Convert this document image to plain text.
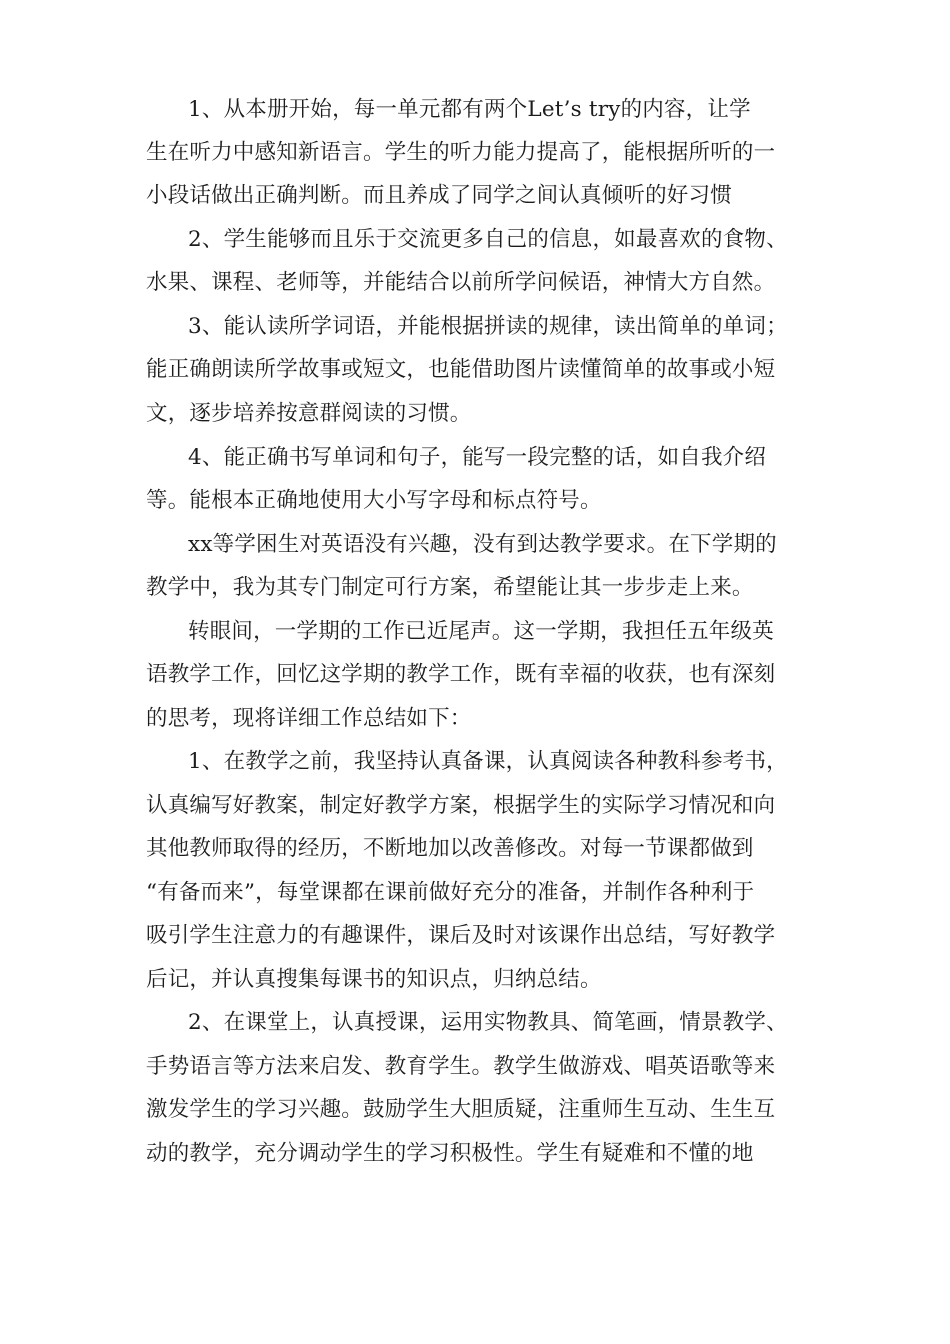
1、从本册开始，每一单元都有两个Let’s try的内容，让学
生在听力中感知新语言。学生的听力能力提高了，能根据所听的一
小段话做出正确判断。而且养成了同学之间认真倾听的好习惯
2、学生能够而且乐于交流更多自己的信息，如最喜欢的食物、
水果、课程、老师等，并能结合以前所学问候语，神情大方自然。
3、能认读所学词语，并能根据拼读的规律，读出简单的单词；
能正确朗读所学故事或短文，也能借助图片读懂简单的故事或小短
文，逐步培养按意群阅读的习惯。
4、能正确书写单词和句子，能写一段完整的话，如自我介绍
等。能根本正确地使用大小写字母和标点符号。
xx等学困生对英语没有兴趣，没有到达教学要求。在下学期的
教学中，我为其专门制定可行方案，希望能让其一步步走上来。
转眼间，一学期的工作已近尾声。这一学期，我担任五年级英
语教学工作，回忆这学期的教学工作，既有幸福的收获，也有深刻
的思考，现将详细工作总结如下：
1、在教学之前，我坚持认真备课，认真阅读各种教科参考书，
认真编写好教案，制定好教学方案，根据学生的实际学习情况和向
其他教师取得的经历，不断地加以改善修改。对每一节课都做到
“有备而来”，每堂课都在课前做好充分的准备，并制作各种利于
吸引学生注意力的有趣课件，课后及时对该课作出总结，写好教学
后记，并认真搜集每课书的知识点，归纳总结。
2、在课堂上，认真授课，运用实物教具、简笔画，情景教学、
手势语言等方法来启发、教育学生。教学生做游戏、唱英语歌等来
激发学生的学习兴趣。鼓励学生大胆质疑，注重师生互动、生生互
动的教学，充分调动学生的学习积极性。学生有疑难和不懂的地
